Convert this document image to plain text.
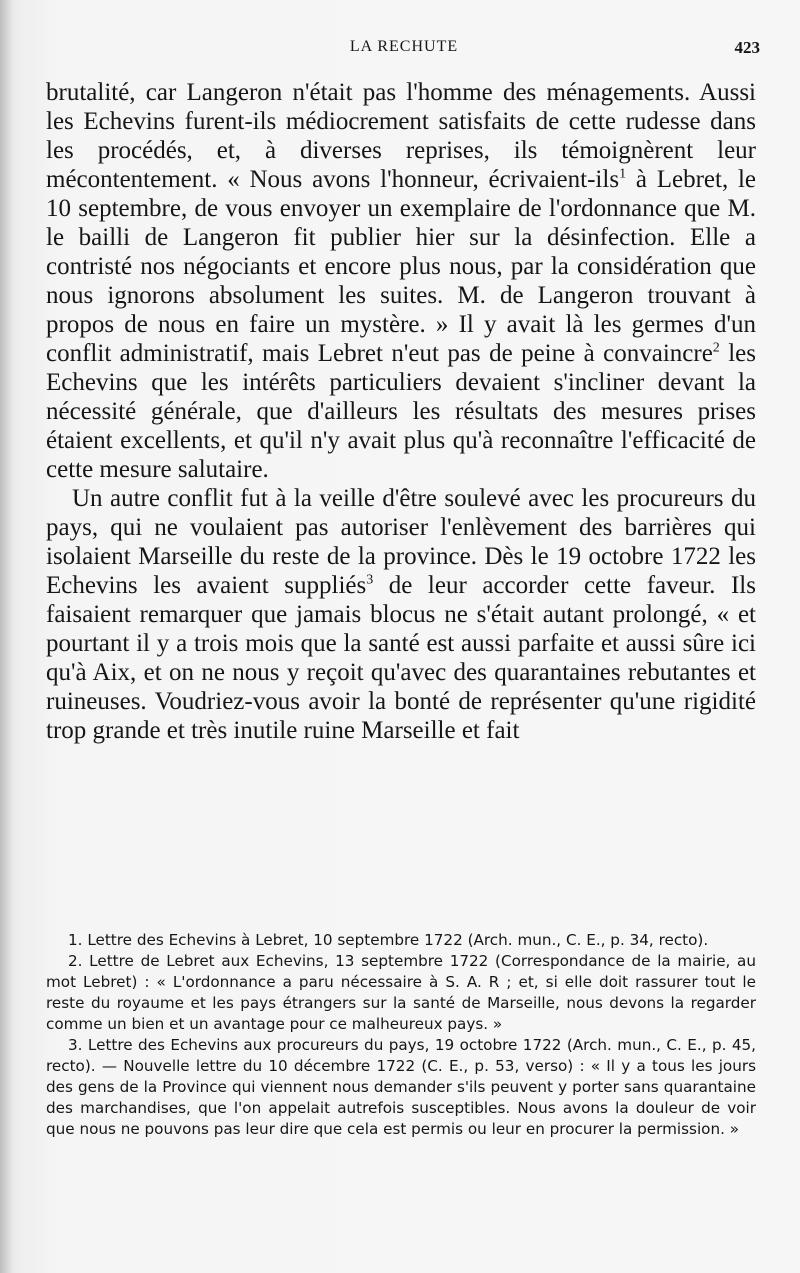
LA RECHUTE	423

brutalité, car Langeron n'était pas l'homme des ménagements. Aussi les Echevins furent-ils médiocrement satisfaits de cette rudesse dans les procédés, et, à diverses reprises, ils témoignèrent leur mécontentement. « Nous avons l'honneur, écrivaient-ils$^1$ à Lebret, le 10 septembre, de vous envoyer un exemplaire de l'ordonnance que M. le bailli de Langeron fit publier hier sur la désinfection. Elle a contristé nos négociants et encore plus nous, par la considération que nous ignorons absolument les suites. M. de Langeron trouvant à propos de nous en faire un mystère. » Il y avait là les germes d'un conflit administratif, mais Lebret n'eut pas de peine à convaincre$^2$ les Echevins que les intérêts particuliers devaient s'incliner devant la nécessité générale, que d'ailleurs les résultats des mesures prises étaient excellents, et qu'il n'y avait plus qu'à reconnaître l'efficacité de cette mesure salutaire.

Un autre conflit fut à la veille d'être soulevé avec les procureurs du pays, qui ne voulaient pas autoriser l'enlèvement des barrières qui isolaient Marseille du reste de la province. Dès le 19 octobre 1722 les Echevins les avaient suppliés$^3$ de leur accorder cette faveur. Ils faisaient remarquer que jamais blocus ne s'était autant prolongé, « et pourtant il y a trois mois que la santé est aussi parfaite et aussi sûre ici qu'à Aix, et on ne nous y reçoit qu'avec des quarantaines rebutantes et ruineuses. Voudriez-vous avoir la bonté de représenter qu'une rigidité trop grande et très inutile ruine Marseille et fait

1. Lettre des Echevins à Lebret, 10 septembre 1722 (Arch. mun., C. E., p. 34, recto).

2. Lettre de Lebret aux Echevins, 13 septembre 1722 (Correspondance de la mairie, au mot Lebret) : « L'ordonnance a paru nécessaire à S. A. R ; et, si elle doit rassurer tout le reste du royaume et les pays étrangers sur la santé de Marseille, nous devons la regarder comme un bien et un avantage pour ce malheureux pays. »

3. Lettre des Echevins aux procureurs du pays, 19 octobre 1722 (Arch. mun., C. E., p. 45, recto). — Nouvelle lettre du 10 décembre 1722 (C. E., p. 53, verso) : « Il y a tous les jours des gens de la Province qui viennent nous demander s'ils peuvent y porter sans quarantaine des marchandises, que l'on appelait autrefois susceptibles. Nous avons la douleur de voir que nous ne pouvons pas leur dire que cela est permis ou leur en procurer la permission. »
